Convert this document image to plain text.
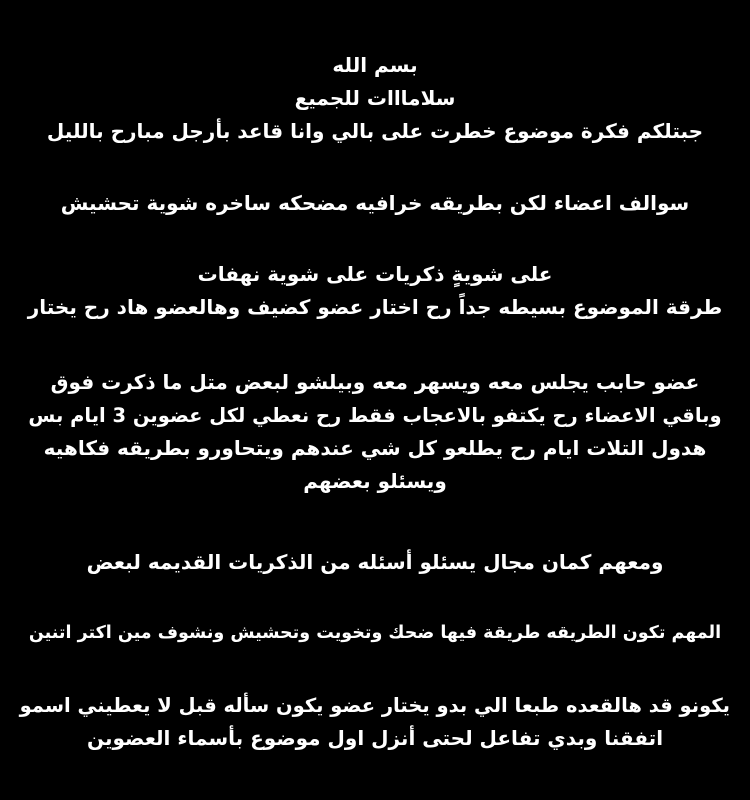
بسم الله
سلامااات للجميع
جبتلكم فكرة موضوع خطرت على بالي وانا قاعد بأرجل مبارح بالليل

سوالف اعضاء لكن بطريقه خرافيه مضحكه ساخره شوية تحشيش

على شويةٍ ذكريات على شوية نهفات
طرقة الموضوع بسيطه جداً رح اختار عضو كضيف وهالعضو هاد رح يختار

عضو حابب يجلس معه ويسهر معه وبيلشو لبعض متل ما ذكرت فوق
وباقي الاعضاء رح يكتفو بالاعجاب فقط رح نعطي لكل عضوين 3 ايام بس
هدول التلات ايام رح يطلعو كل شي عندهم ويتحاورو بطريقه فكاهيه ويسئلو بعضهم

ومعهم كمان مجال يسئلو أسئله من الذكريات القديمه لبعض

المهم تكون الطريقه طريقة فيها ضحك وتخويت وتحشيش ونشوف مين اكتر اتنين

يكونو قد هالقعده طبعا الي بدو يختار عضو يكون سأله قبل لا يعطيني اسمو
اتفقنا وبدي تفاعل لحتى أنزل اول موضوع بأسماء العضوين
